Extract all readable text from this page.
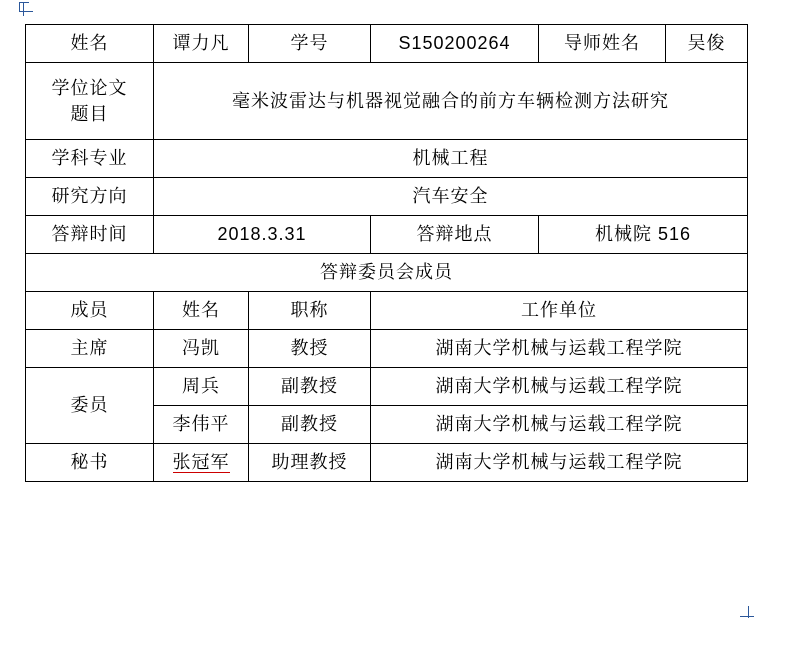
姓名	谭力凡	学号	S150200264	导师姓名	吴俊
学位论文
题目	毫米波雷达与机器视觉融合的前方车辆检测方法研究				
学科专业	机械工程				
研究方向	汽车安全				
答辩时间	2018.3.31		答辩地点	机械院 516	
答辩委员会成员					
成员	姓名	职称	工作单位		
主席	冯凯	教授	湖南大学机械与运载工程学院		
委员	周兵	副教授	湖南大学机械与运载工程学院		
	李伟平	副教授	湖南大学机械与运载工程学院		
秘书	张冠军	助理教授	湖南大学机械与运载工程学院		
